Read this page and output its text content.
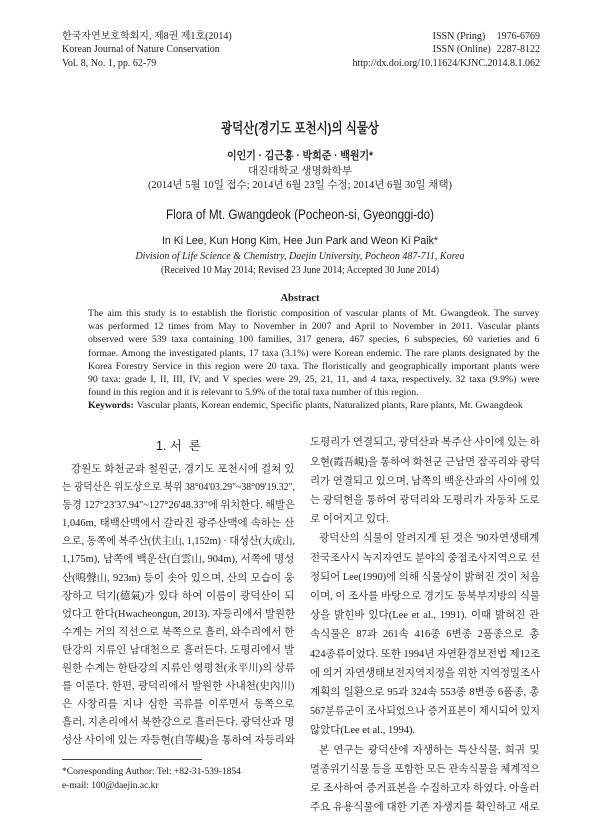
한국자연보호학회지, 제8권 제1호(2014)
Korean Journal of Nature Conservation
Vol. 8, No. 1, pp. 62-79
ISSN (Pring) 1976-6769
ISSN (Online) 2287-8122
http://dx.doi.org/10.11624/KJNC.2014.8.1.062
광덕산(경기도 포천시)의 식물상
이인기 · 김근홍 · 박희준 · 백원기*
대진대학교 생명화학부
(2014년 5월 10일 접수; 2014년 6월 23일 수정; 2014년 6월 30일 채택)
Flora of Mt. Gwangdeok (Pocheon-si, Gyeonggi-do)
In Ki Lee, Kun Hong Kim, Hee Jun Park and Weon Ki Paik*
Division of Life Science & Chemistry, Daejin University, Pocheon 487-711, Korea
(Received 10 May 2014; Revised 23 June 2014; Accepted 30 June 2014)
Abstract
The aim this study is to establish the floristic composition of vascular plants of Mt. Gwangdeok. The survey
was performed 12 times from May to November in 2007 and April to November in 2011. Vascular plants
observed were 539 taxa containing 100 families, 317 genera, 467 species, 6 subspecies, 60 varieties and 6
formae. Among the investigated plants, 17 taxa (3.1%) were Korean endemic. The rare plants designated by the
Korea Forestry Service in this region were 20 taxa. The floristically and geographically important plants were
90 taxa: grade I, II, III, IV, and V species were 29, 25, 21, 11, and 4 taxa, respectively. 32 taxa (9.9%) were
found in this region and it is relevant to 5.9% of the total taxa number of this region.
Keywords: Vascular plants, Korean endemic, Specific plants, Naturalized plants, Rare plants, Mt. Gwangdeok
1. 서  론
강원도 화천군과 철원군, 경기도 포천시에 걸쳐 있
는 광덕산은 위도상으로 북위 38°04'03.29"~38°09'19.32",
동경 127°23'37.94"~127°26'48.33"에 위치한다. 해발은
1,046m, 태백산맥에서 갈라진 광주산맥에 속하는 산
으로, 동쪽에 복주산(伏主山, 1,152m) · 대성산(大成山,
1,175m), 남쪽에 백운산(白雲山, 904m), 서쪽에 명성
산(鳴聲山, 923m) 등이 솟아 있으며, 산의 모습이 웅
장하고 덕기(德氣)가 있다 하여 이름이 광덕산이 되
었다고 한다(Hwacheongun, 2013). 자등리에서 발원한
수계는 거의 직선으로 북쪽으로 흘러, 와수리에서 한
탄강의 지류인 남대천으로 흘러든다. 도평리에서 발
원한 수계는 한탄강의 지류인 영평천(永平川)의 상류
를 이룬다. 한편, 광덕리에서 발원한 사내천(史內川)
은 사창리를 지나 심한 곡류를 이루면서 동쪽으로
흘러, 지촌리에서 북한강으로 흘러든다. 광덕산과 명
성산 사이에 있는 자등현(自等峴)을 통하여 자등리와
도평리가 연결되고, 광덕산과 복주산 사이에 있는 하
오현(霞吾峴)을 통하여 화천군 근남면 잠곡리와 광덕
리가 연결되고 있으며, 남쪽의 백운산과의 사이에 있
는 광덕현을 통하여 광덕리와 도평리가 자동차 도로
로 이어지고 있다.
광덕산의 식물이 알려지게 된 것은 '90자연생태계
전국조사시 녹지자연도 분야의 중점조사지역으로 선
정되어 Lee(1990)에 의해 식물상이 밝혀진 것이 처음
이며, 이 조사를 바탕으로 경기도 동북부지방의 식물
상을 밝힌바 있다(Lee et al., 1991). 이때 밝혀진 관
속식물은 87과 261속 416종 6변종 2품종으로 총
424종류이었다. 또한 1994년 자연환경보전법 제12조
에 의거 자연생태보전지역지정을 위한 지역정밀조사
계획의 일환으로 95과 324속 553종 8변종 6품종, 총
567분류군이 조사되었으나 증거표본이 제시되어 있지
않았다(Lee et al., 1994).
본 연구는 광덕산에 자생하는 특산식물, 희귀 및
멸종위기식물 등을 포함한 모든 관속식물을 체계적으
로 조사하여 증거표본을 수집하고자 하였다. 아울러
주요 유용식물에 대한 기존 자생지를 확인하고 새로
*Corresponding Author: Tel: +82-31-539-1854
e-mail: 100@daejin.ac.kr
